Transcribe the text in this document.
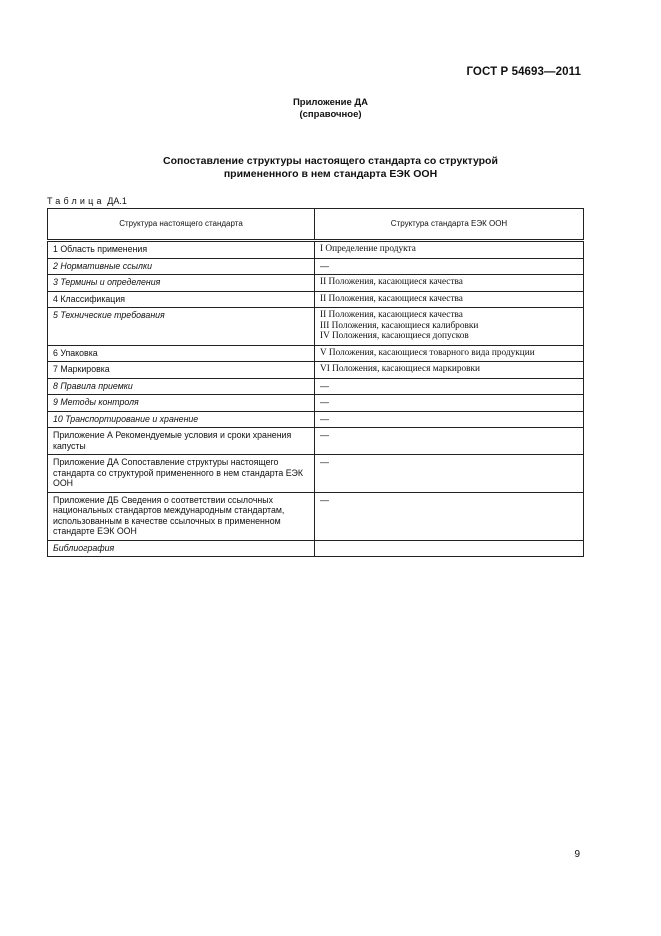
ГОСТ Р 54693—2011
Приложение ДА
(справочное)
Сопоставление структуры настоящего стандарта со структурой
примененного в нем стандарта ЕЭК ООН
Таблица ДА.1
Структура настоящего стандарта	Структура стандарта ЕЭК ООН
1 Область применения	I Определение продукта
2 Нормативные ссылки	—
3 Термины и определения	II Положения, касающиеся качества
4 Классификация	II Положения, касающиеся качества
5 Технические требования	II Положения, касающиеся качества
III Положения, касающиеся калибровки
IV Положения, касающиеся допусков

6 Упаковка	V Положения, касающиеся товарного вида продукции
7 Маркировка	VI Положения, касающиеся маркировки
8 Правила приемки	—
9 Методы контроля	—
10 Транспортирование и хранение	—
Приложение А Рекомендуемые условия и сроки хранения капусты	—
Приложение ДА Сопоставление структуры настоящего стандарта со структурой примененного в нем стандарта ЕЭК ООН	—
Приложение ДБ Сведения о соответствии ссылочных национальных стандартов международным стандартам, использованным в качестве ссылочных в примененном стандарте ЕЭК ООН	—
Библиография	
9
